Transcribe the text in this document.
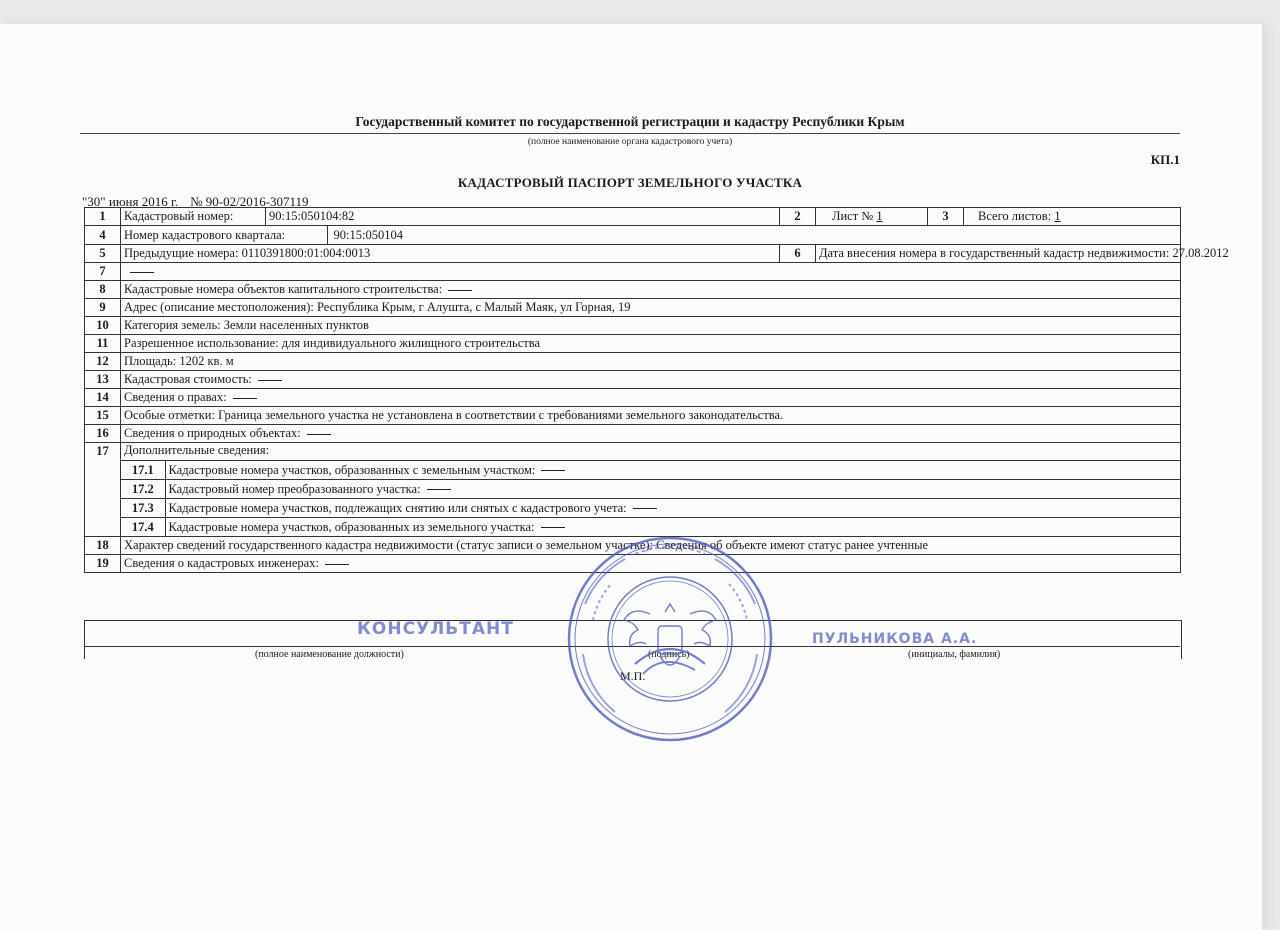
Государственный комитет по государственной регистрации и кадастру Республики Крым
(полное наименование органа кадастрового учета)
КП.1
КАДАСТРОВЫЙ ПАСПОРТ ЗЕМЕЛЬНОГО УЧАСТКА
"30" июня 2016 г. № 90-02/2016-307119
1	Кадастровый номер:	90:15:050104:82	2	Лист № 1	3	Всего листов: 1
4	Номер кадастрового квартала:	90:15:050104

5	Предыдущие номера: 0110391800:01:004:0013	6	Дата внесения номера в государственный кадастр недвижимости: 27.08.2012
7	
8	Кадастровые номера объектов капитального строительства:
9	Адрес (описание местоположения): Республика Крым, г Алушта, с Малый Маяк, ул Горная, 19
10	Категория земель: Земли населенных пунктов
11	Разрешенное использование: для индивидуального жилищного строительства
12	Площадь: 1202 кв. м
13	Кадастровая стоимость:
14	Сведения о правах:
15	Особые отметки: Граница земельного участка не установлена в соответствии с требованиями земельного законодательства.
16	Сведения о природных объектах:
17	Дополнительные сведения:
17.1	Кадастровые номера участков, образованных с земельным участком:
17.2	Кадастровый номер преобразованного участка:
17.3	Кадастровые номера участков, подлежащих снятию или снятых с кадастрового учета:
17.4	Кадастровые номера участков, образованных из земельного участка:

18	Характер сведений государственного кадастра недвижимости (статус записи о земельном участке): Сведения об объекте имеют статус ранее учтенные
19	Сведения о кадастровых инженерах:
КОНСУЛЬТАНТ	ПУЛЬНИКОВА А.А.
(полное наименование должности)	(подпись)	(инициалы, фамилия)
М.П.
